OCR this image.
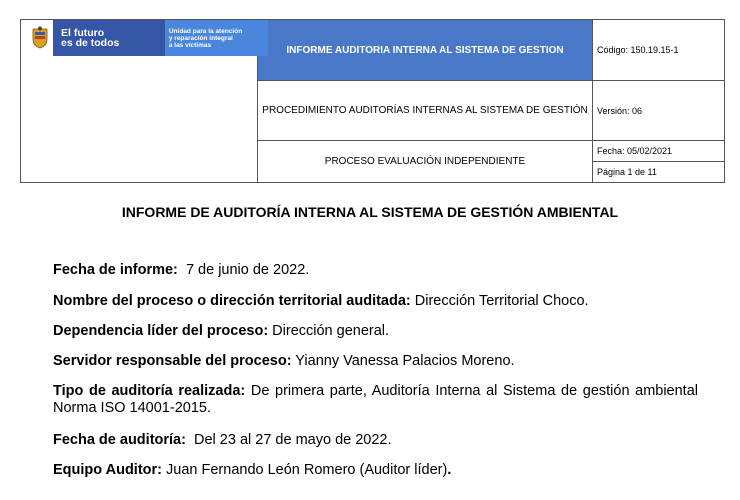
El futuro
es de todos
Unidad para la atención
y reparación integral
a las víctimas	INFORME AUDITORIA INTERNA AL SISTEMA DE GESTION	Código: 150.19.15-1
	PROCEDIMIENTO AUDITORÍAS INTERNAS AL SISTEMA DE GESTIÓN	Versión: 06
	PROCESO EVALUACIÓN INDEPENDIENTE	Fecha: 05/02/2021
Página 1 de 11
INFORME DE AUDITORÍA INTERNA AL SISTEMA DE GESTIÓN AMBIENTAL
Fecha de informe:  7 de junio de 2022.
Nombre del proceso o dirección territorial auditada: Dirección Territorial Choco.
Dependencia líder del proceso: Dirección general.
Servidor responsable del proceso: Yianny Vanessa Palacios Moreno.
Tipo de auditoría realizada: De primera parte, Auditoría Interna al Sistema de gestión ambiental Norma ISO 14001-2015.
Fecha de auditoría:  Del 23 al 27 de mayo de 2022.
Equipo Auditor: Juan Fernando León Romero (Auditor líder).
